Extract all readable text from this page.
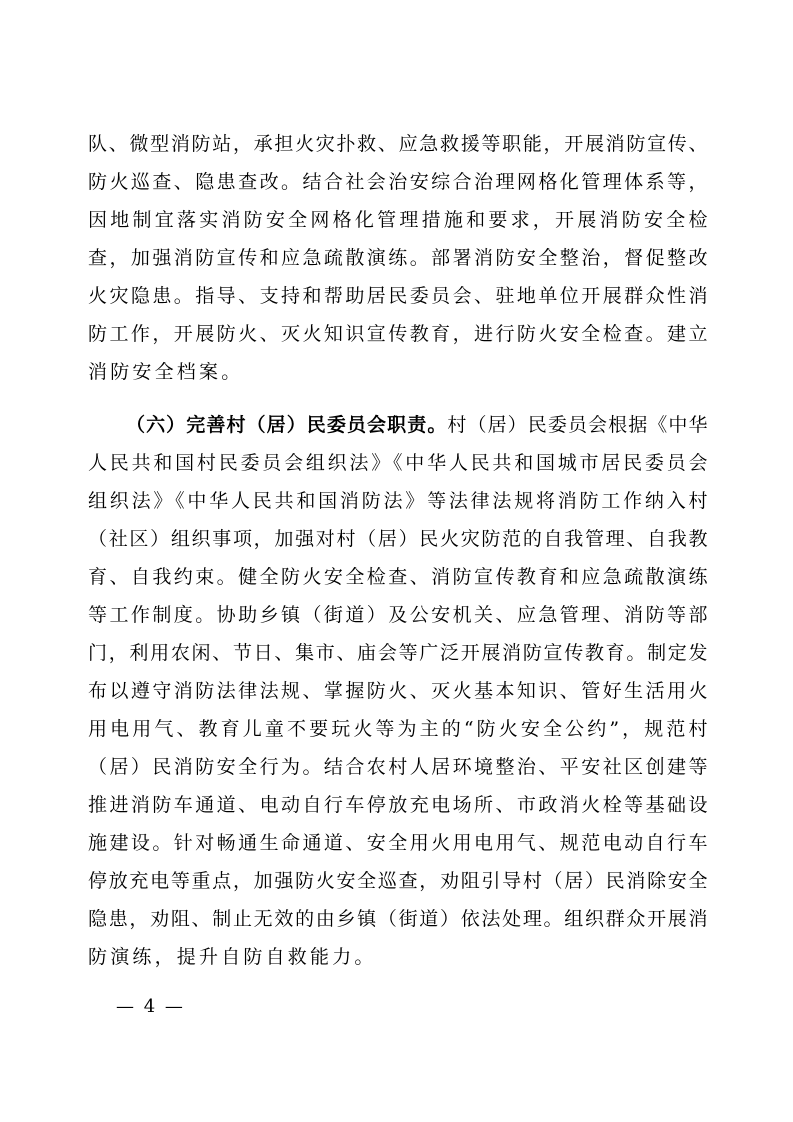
队、微型消防站，承担火灾扑救、应急救援等职能，开展消防宣传、
防火巡查、隐患查改。结合社会治安综合治理网格化管理体系等，
因地制宜落实消防安全网格化管理措施和要求，开展消防安全检
查，加强消防宣传和应急疏散演练。部署消防安全整治，督促整改
火灾隐患。指导、支持和帮助居民委员会、驻地单位开展群众性消
防工作，开展防火、灭火知识宣传教育，进行防火安全检查。建立
消防安全档案。
（六）完善村（居）民委员会职责。村（居）民委员会根据《中华
人民共和国村民委员会组织法》《中华人民共和国城市居民委员会
组织法》《中华人民共和国消防法》等法律法规将消防工作纳入村
（社区）组织事项，加强对村（居）民火灾防范的自我管理、自我教
育、自我约束。健全防火安全检查、消防宣传教育和应急疏散演练
等工作制度。协助乡镇（街道）及公安机关、应急管理、消防等部
门，利用农闲、节日、集市、庙会等广泛开展消防宣传教育。制定发
布以遵守消防法律法规、掌握防火、灭火基本知识、管好生活用火
用电用气、教育儿童不要玩火等为主的“防火安全公约”，规范村
（居）民消防安全行为。结合农村人居环境整治、平安社区创建等
推进消防车通道、电动自行车停放充电场所、市政消火栓等基础设
施建设。针对畅通生命通道、安全用火用电用气、规范电动自行车
停放充电等重点，加强防火安全巡查，劝阻引导村（居）民消除安全
隐患，劝阻、制止无效的由乡镇（街道）依法处理。组织群众开展消
防演练，提升自防自救能力。
— 4 —
